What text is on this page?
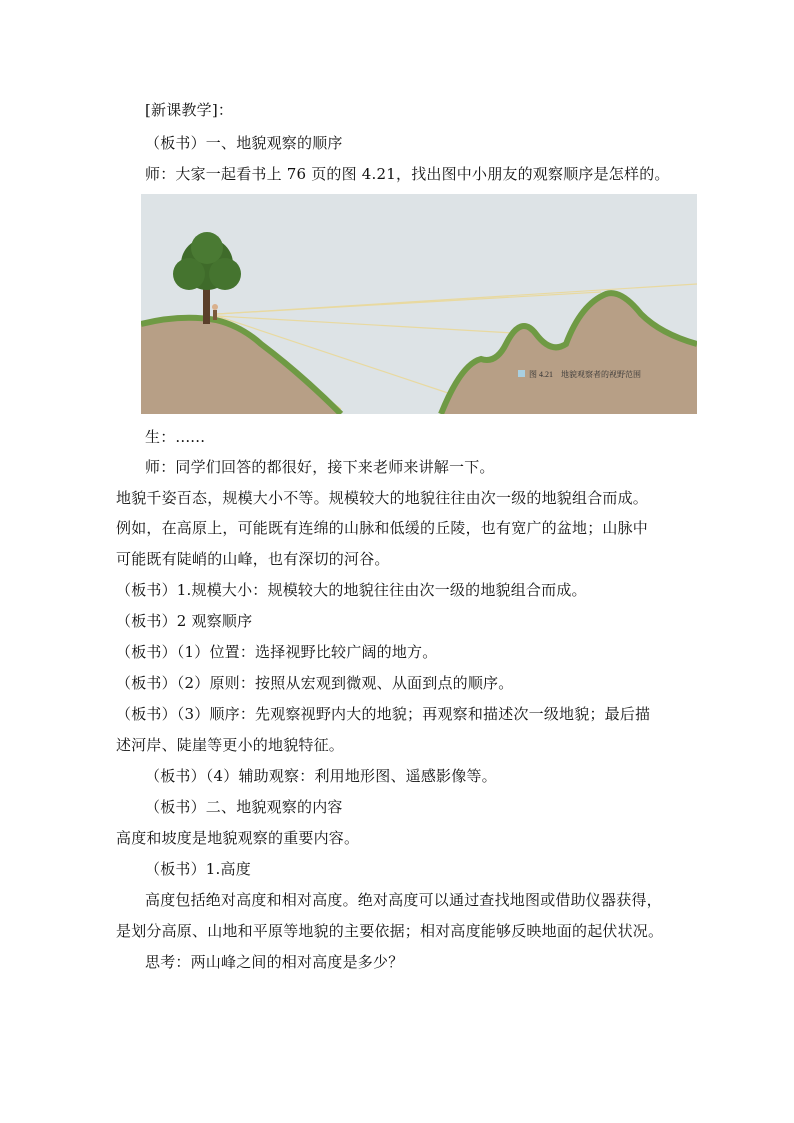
[新课教学]：
（板书）一、地貌观察的顺序
师：大家一起看书上 76 页的图 4.21，找出图中小朋友的观察顺序是怎样的。
图 4.21　地貌观察者的视野范围
生：......
师：同学们回答的都很好，接下来老师来讲解一下。
地貌千姿百态，规模大小不等。规模较大的地貌往往由次一级的地貌组合而成。
例如，在高原上，可能既有连绵的山脉和低缓的丘陵，也有宽广的盆地；山脉中
可能既有陡峭的山峰，也有深切的河谷。
（板书）1.规模大小：规模较大的地貌往往由次一级的地貌组合而成。
（板书）2 观察顺序
（板书）（1）位置：选择视野比较广阔的地方。
（板书）（2）原则：按照从宏观到微观、从面到点的顺序。
（板书）（3）顺序：先观察视野内大的地貌；再观察和描述次一级地貌；最后描
述河岸、陡崖等更小的地貌特征。
（板书）（4）辅助观察：利用地形图、遥感影像等。
（板书）二、地貌观察的内容
高度和坡度是地貌观察的重要内容。
（板书）1.高度
高度包括绝对高度和相对高度。绝对高度可以通过查找地图或借助仪器获得，
是划分高原、山地和平原等地貌的主要依据；相对高度能够反映地面的起伏状况。
思考：两山峰之间的相对高度是多少？
